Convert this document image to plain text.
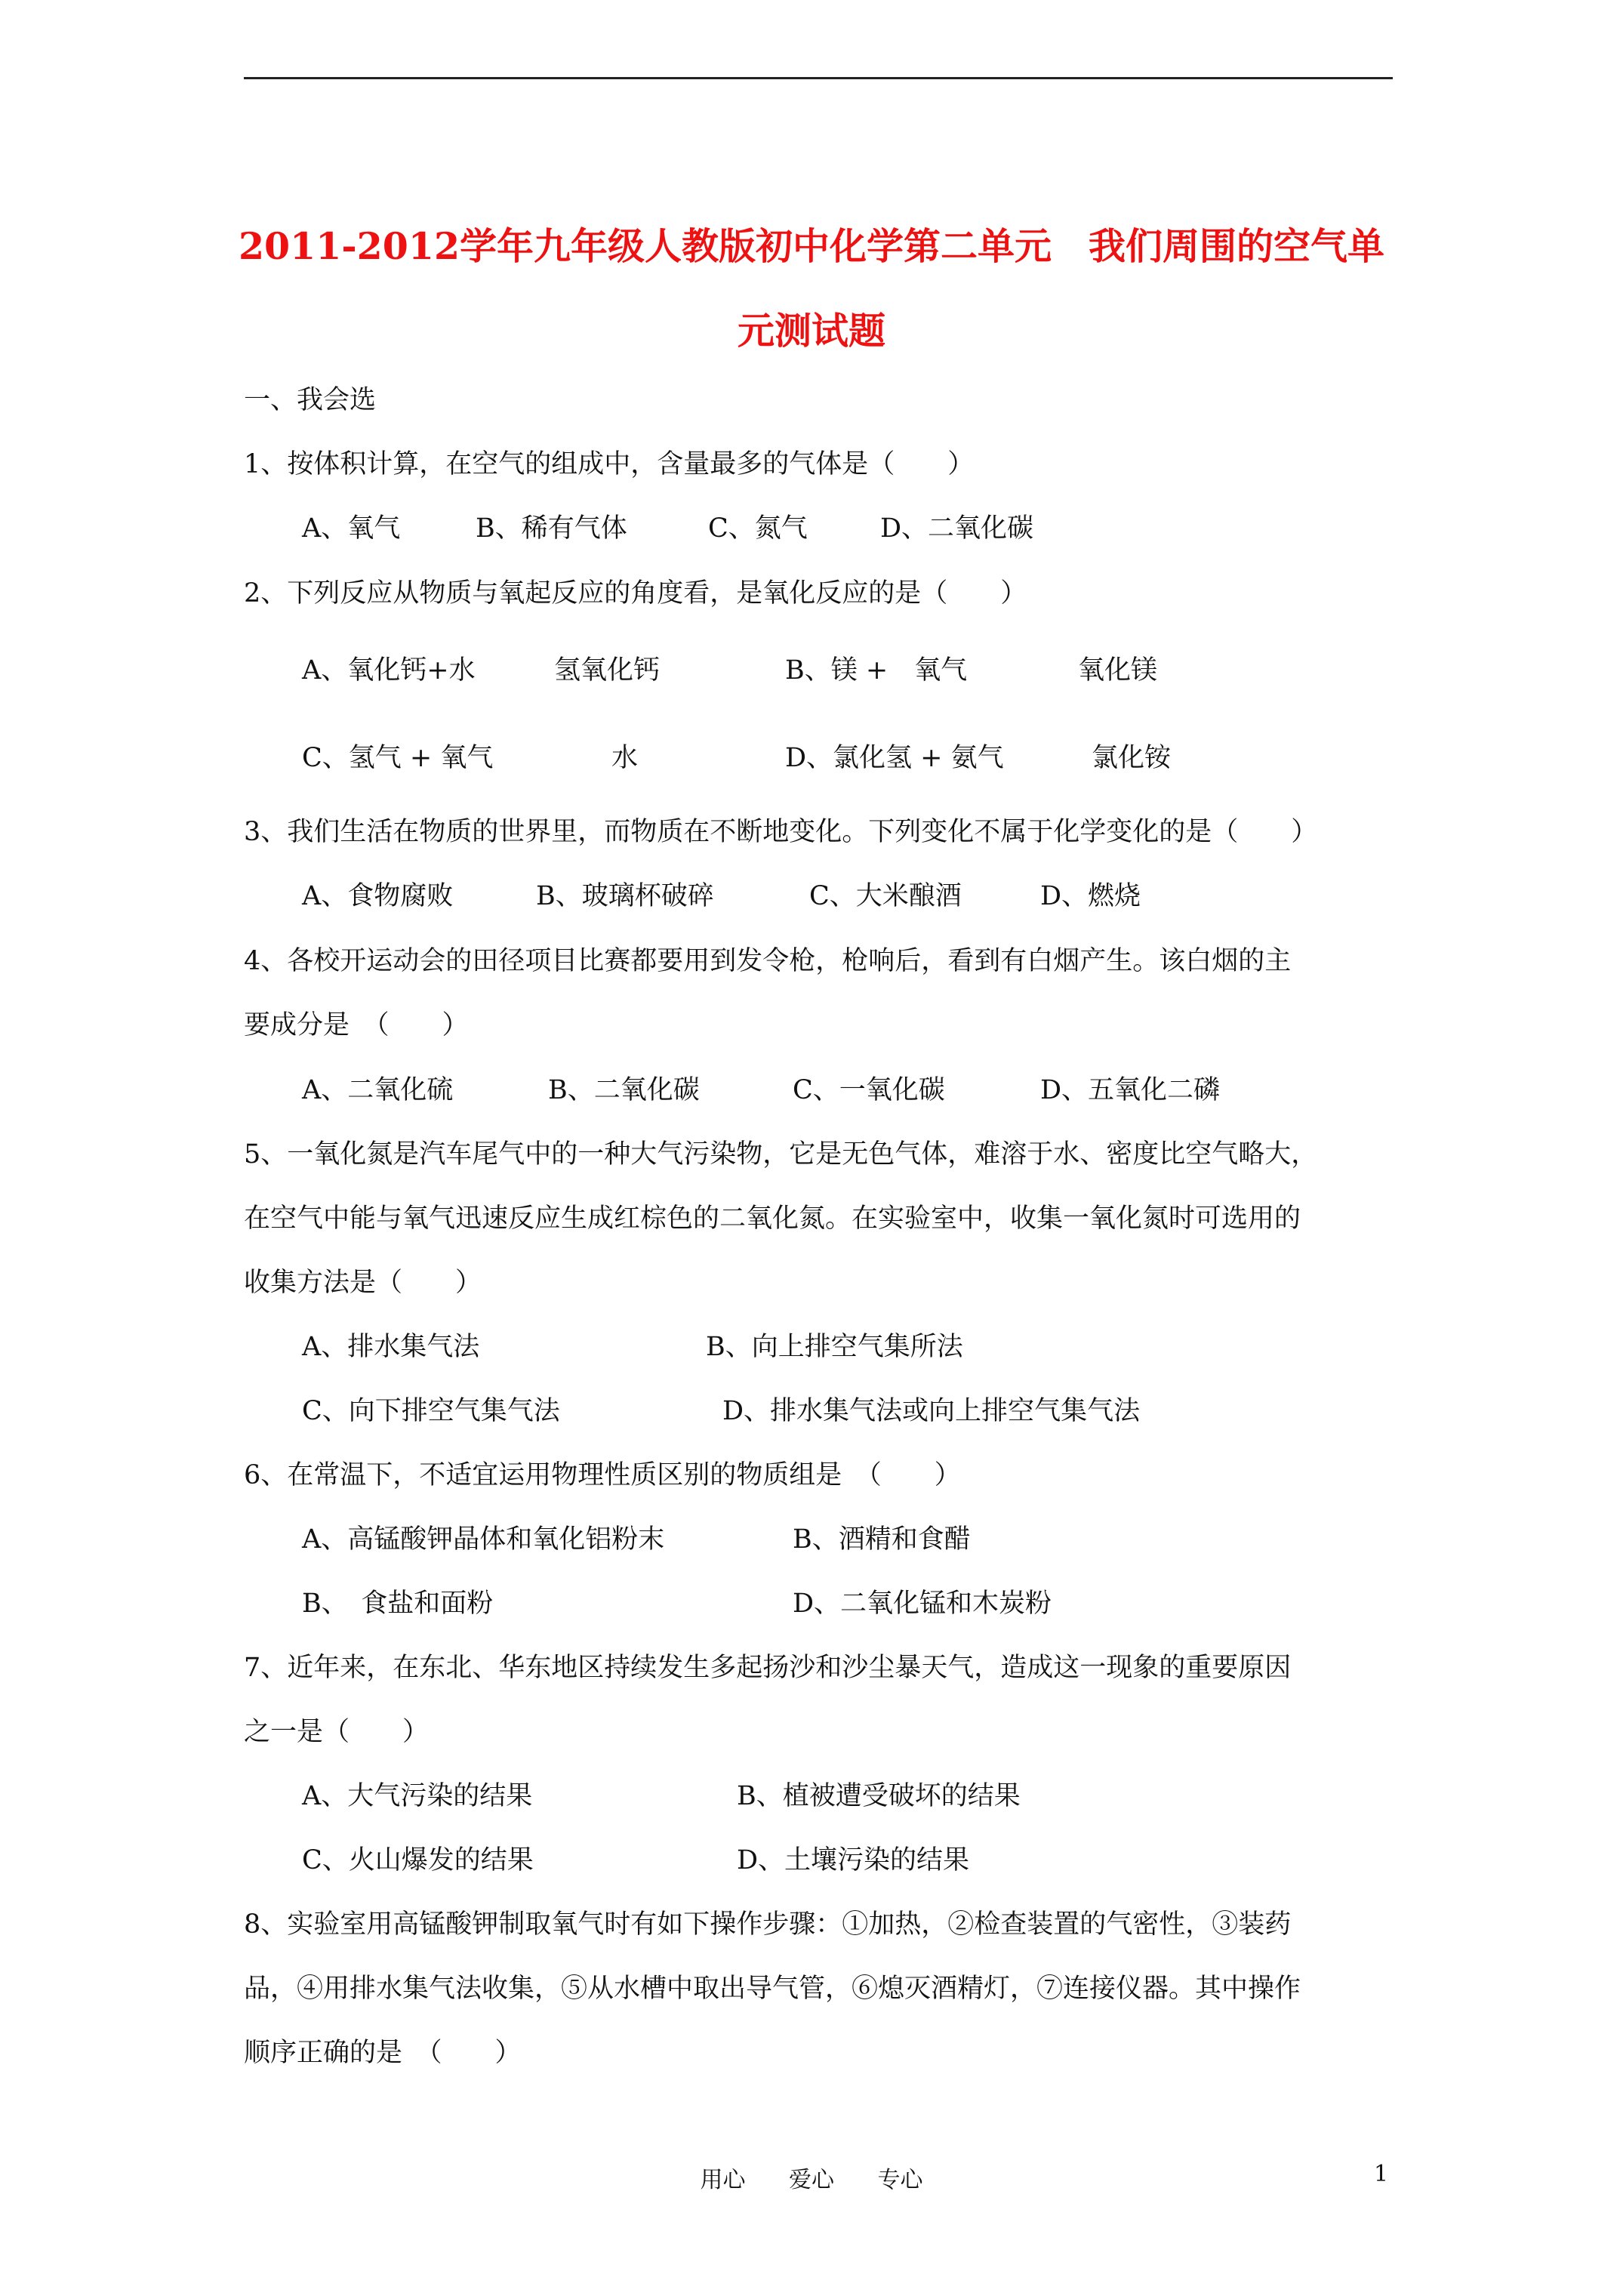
2011-2012学年九年级人教版初中化学第二单元　我们周围的空气单
元测试题
一、我会选
1、按体积计算，在空气的组成中，含量最多的气体是（　　）
A、氧气	B、稀有气体	C、氮气	D、二氧化碳
2、下列反应从物质与氧起反应的角度看，是氧化反应的是（　　）
A、氧化钙+水	氢氧化钙	B、镁 +　氧气	氧化镁
C、氢气 + 氧气	水	D、氯化氢 + 氨气	氯化铵
3、我们生活在物质的世界里，而物质在不断地变化。下列变化不属于化学变化的是（　　）
A、食物腐败	B、玻璃杯破碎	C、大米酿酒	D、燃烧
4、各校开运动会的田径项目比赛都要用到发令枪，枪响后，看到有白烟产生。该白烟的主
要成分是　（　　）
A、二氧化硫	B、二氧化碳	C、一氧化碳	D、五氧化二磷
5、一氧化氮是汽车尾气中的一种大气污染物，它是无色气体，难溶于水、密度比空气略大，
在空气中能与氧气迅速反应生成红棕色的二氧化氮。在实验室中，收集一氧化氮时可选用的
收集方法是（　　）
A、排水集气法	B、向上排空气集所法
C、向下排空气集气法	D、排水集气法或向上排空气集气法
6、在常温下，不适宜运用物理性质区别的物质组是　（　　）
A、高锰酸钾晶体和氧化铝粉末	B、酒精和食醋
B、　食盐和面粉	D、二氧化锰和木炭粉
7、近年来，在东北、华东地区持续发生多起扬沙和沙尘暴天气，造成这一现象的重要原因
之一是（　　）
A、大气污染的结果	B、植被遭受破坏的结果
C、火山爆发的结果	D、土壤污染的结果
8、实验室用高锰酸钾制取氧气时有如下操作步骤：①加热，②检查装置的气密性，③装药
品，④用排水集气法收集，⑤从水槽中取出导气管，⑥熄灭酒精灯，⑦连接仪器。其中操作
顺序正确的是　（　　）
用心 爱心 专心	1
